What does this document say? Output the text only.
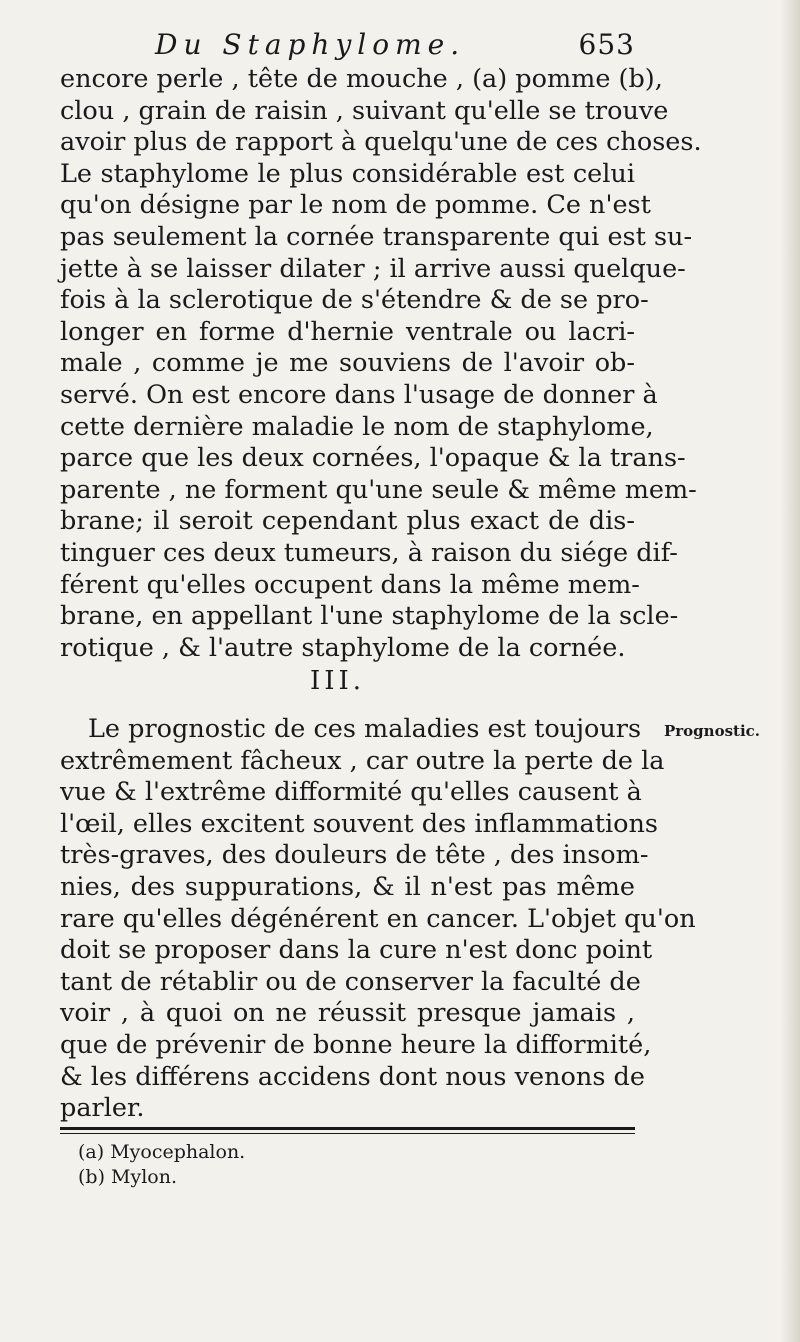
Du Staphylome.	653
encore perle , tête de mouche , (a) pomme (b),
clou , grain de raisin , suivant qu'elle se trouve
avoir plus de rapport à quelqu'une de ces choses.
Le staphylome le plus considérable est celui
qu'on désigne par le nom de pomme. Ce n'est
pas seulement la cornée transparente qui est su-
jette à se laisser dilater ; il arrive aussi quelque-
fois à la sclerotique de s'étendre & de se pro-
longer en forme d'hernie ventrale ou lacri-
male , comme je me souviens de l'avoir ob-
servé. On est encore dans l'usage de donner à
cette dernière maladie le nom de staphylome,
parce que les deux cornées, l'opaque & la trans-
parente , ne forment qu'une seule & même mem-
brane; il seroit cependant plus exact de dis-
tinguer ces deux tumeurs, à raison du siége dif-
férent qu'elles occupent dans la même mem-
brane, en appellant l'une staphylome de la scle-
rotique , & l'autre staphylome de la cornée.
III.
Le prognostic de ces maladies est toujours
extrêmement fâcheux , car outre la perte de la
vue & l'extrême difformité qu'elles causent à
l'œil, elles excitent souvent des inflammations
très-graves, des douleurs de tête , des insom-
nies, des suppurations, & il n'est pas même
rare qu'elles dégénérent en cancer. L'objet qu'on
doit se proposer dans la cure n'est donc point
tant de rétablir ou de conserver la faculté de
voir , à quoi on ne réussit presque jamais ,
que de prévenir de bonne heure la difformité,
& les différens accidens dont nous venons de
parler.
Prognostic.
(a) Myocephalon.
(b) Mylon.
